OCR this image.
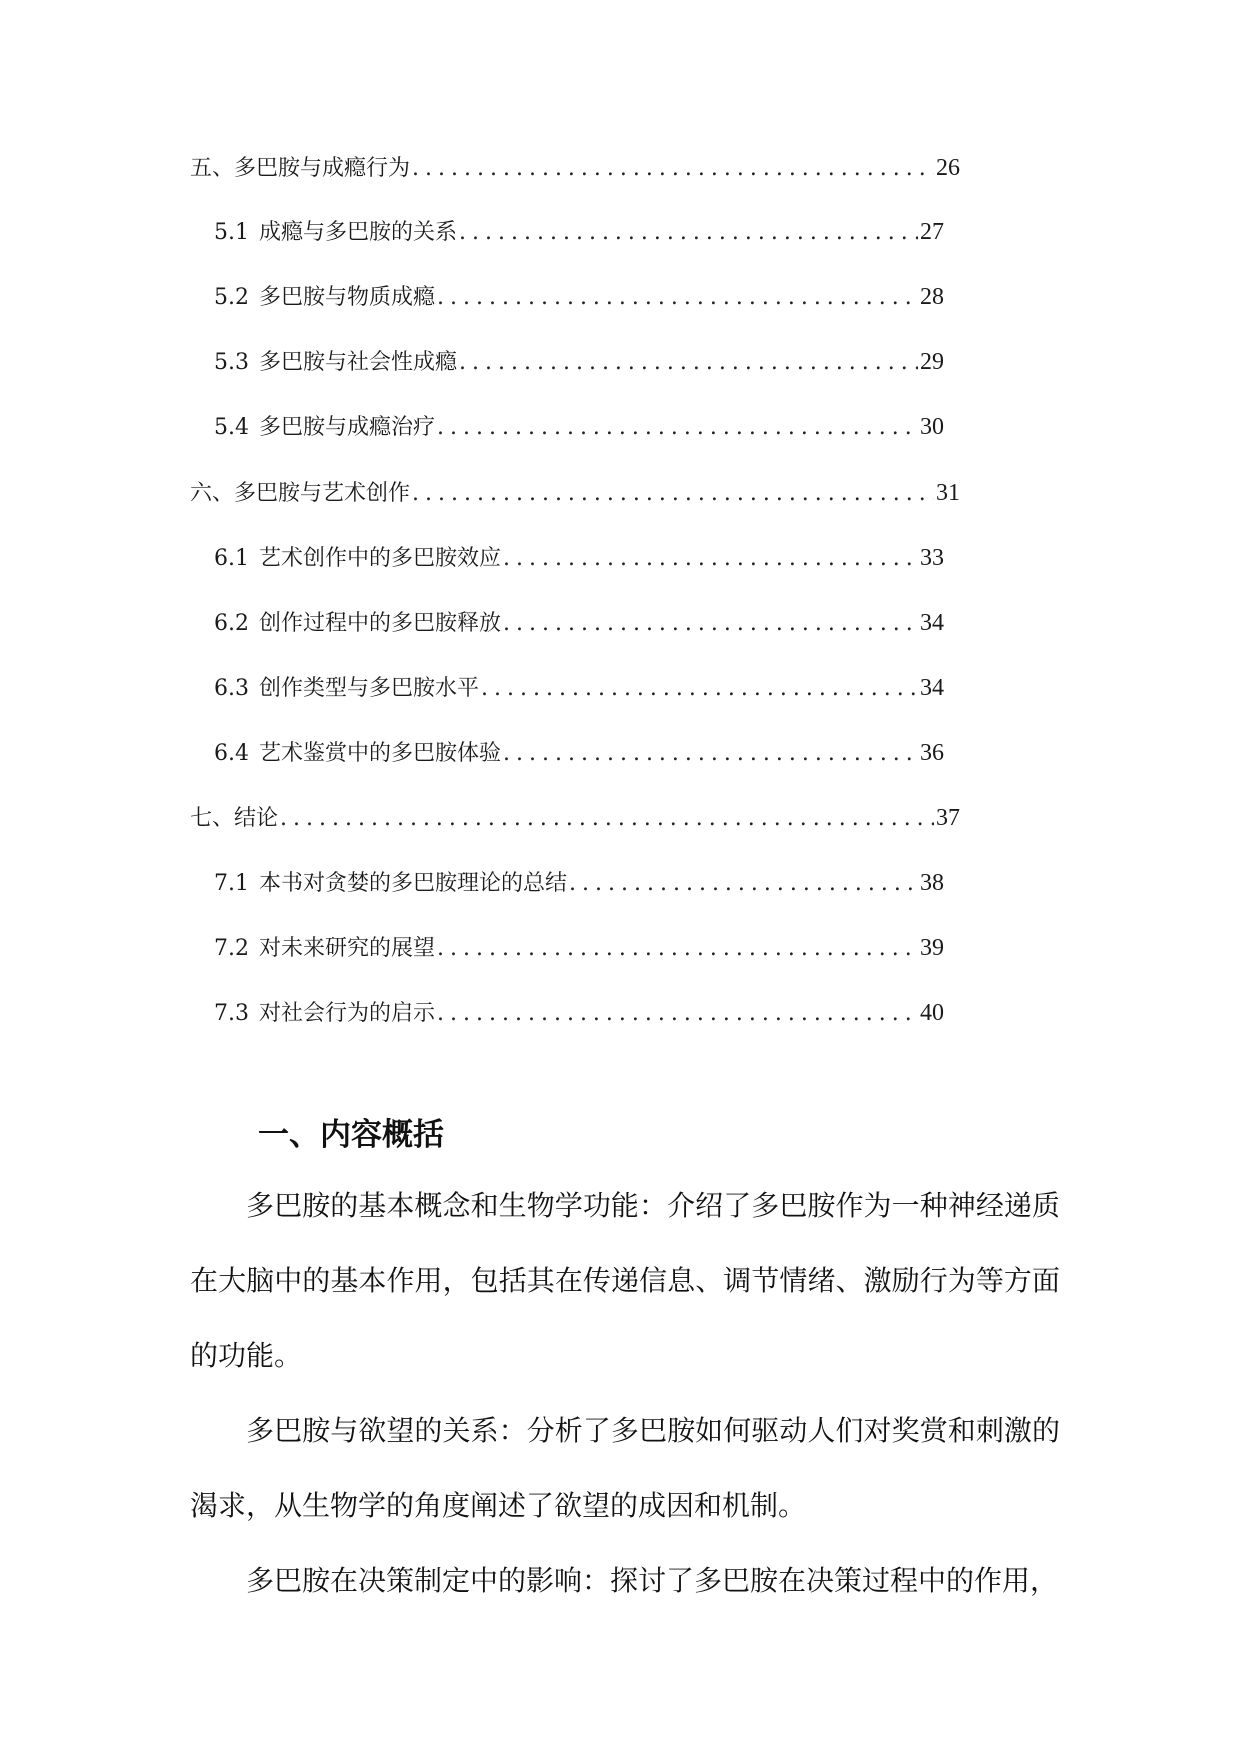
五、多巴胺与成瘾行为 .....	26
5.1 成瘾与多巴胺的关系 .....	27
5.2 多巴胺与物质成瘾 .....	28
5.3 多巴胺与社会性成瘾 .....	29
5.4 多巴胺与成瘾治疗 .....	30
六、多巴胺与艺术创作 .....	31
6.1 艺术创作中的多巴胺效应 .....	33
6.2 创作过程中的多巴胺释放 .....	34
6.3 创作类型与多巴胺水平 .....	34
6.4 艺术鉴赏中的多巴胺体验 .....	36
七、结论 .....	37
7.1 本书对贪婪的多巴胺理论的总结 .....	38
7.2 对未来研究的展望 .....	39
7.3 对社会行为的启示 .....	40
一、内容概括

多巴胺的基本概念和生物学功能：介绍了多巴胺作为一种神经递质在大脑中的基本作用，包括其在传递信息、调节情绪、激励行为等方面的功能。

多巴胺与欲望的关系：分析了多巴胺如何驱动人们对奖赏和刺激的渴求，从生物学的角度阐述了欲望的成因和机制。

多巴胺在决策制定中的影响：探讨了多巴胺在决策过程中的作用，
